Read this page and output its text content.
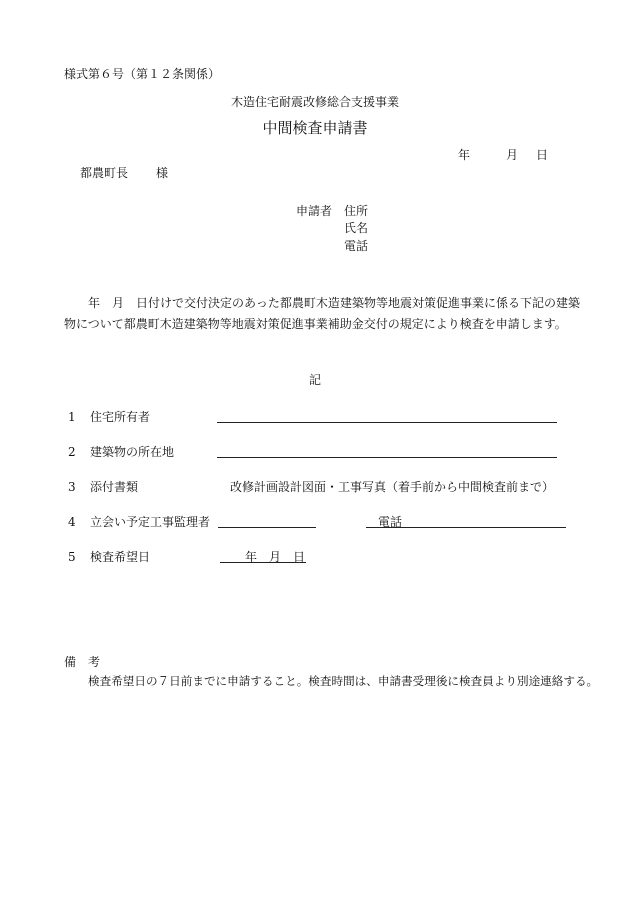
様式第６号（第１２条関係）
木造住宅耐震改修総合支援事業
中間検査申請書
年	月 日
都農町長 様
申請者 住所
氏名
電話
年　月　日付けで交付決定のあった都農町木造建築物等地震対策促進事業に係る下記の建築物について都農町木造建築物等地震対策促進事業補助金交付の規定により検査を申請します。
記
1 住宅所有者
2 建築物の所在地
3 添付書類	改修計画設計図面・工事写真（着手前から中間検査前まで）
4 立会い予定工事監理者	電話
5 検査希望日	年　月　日
備　考
検査希望日の７日前までに申請すること。検査時間は、申請書受理後に検査員より別途連絡する。
